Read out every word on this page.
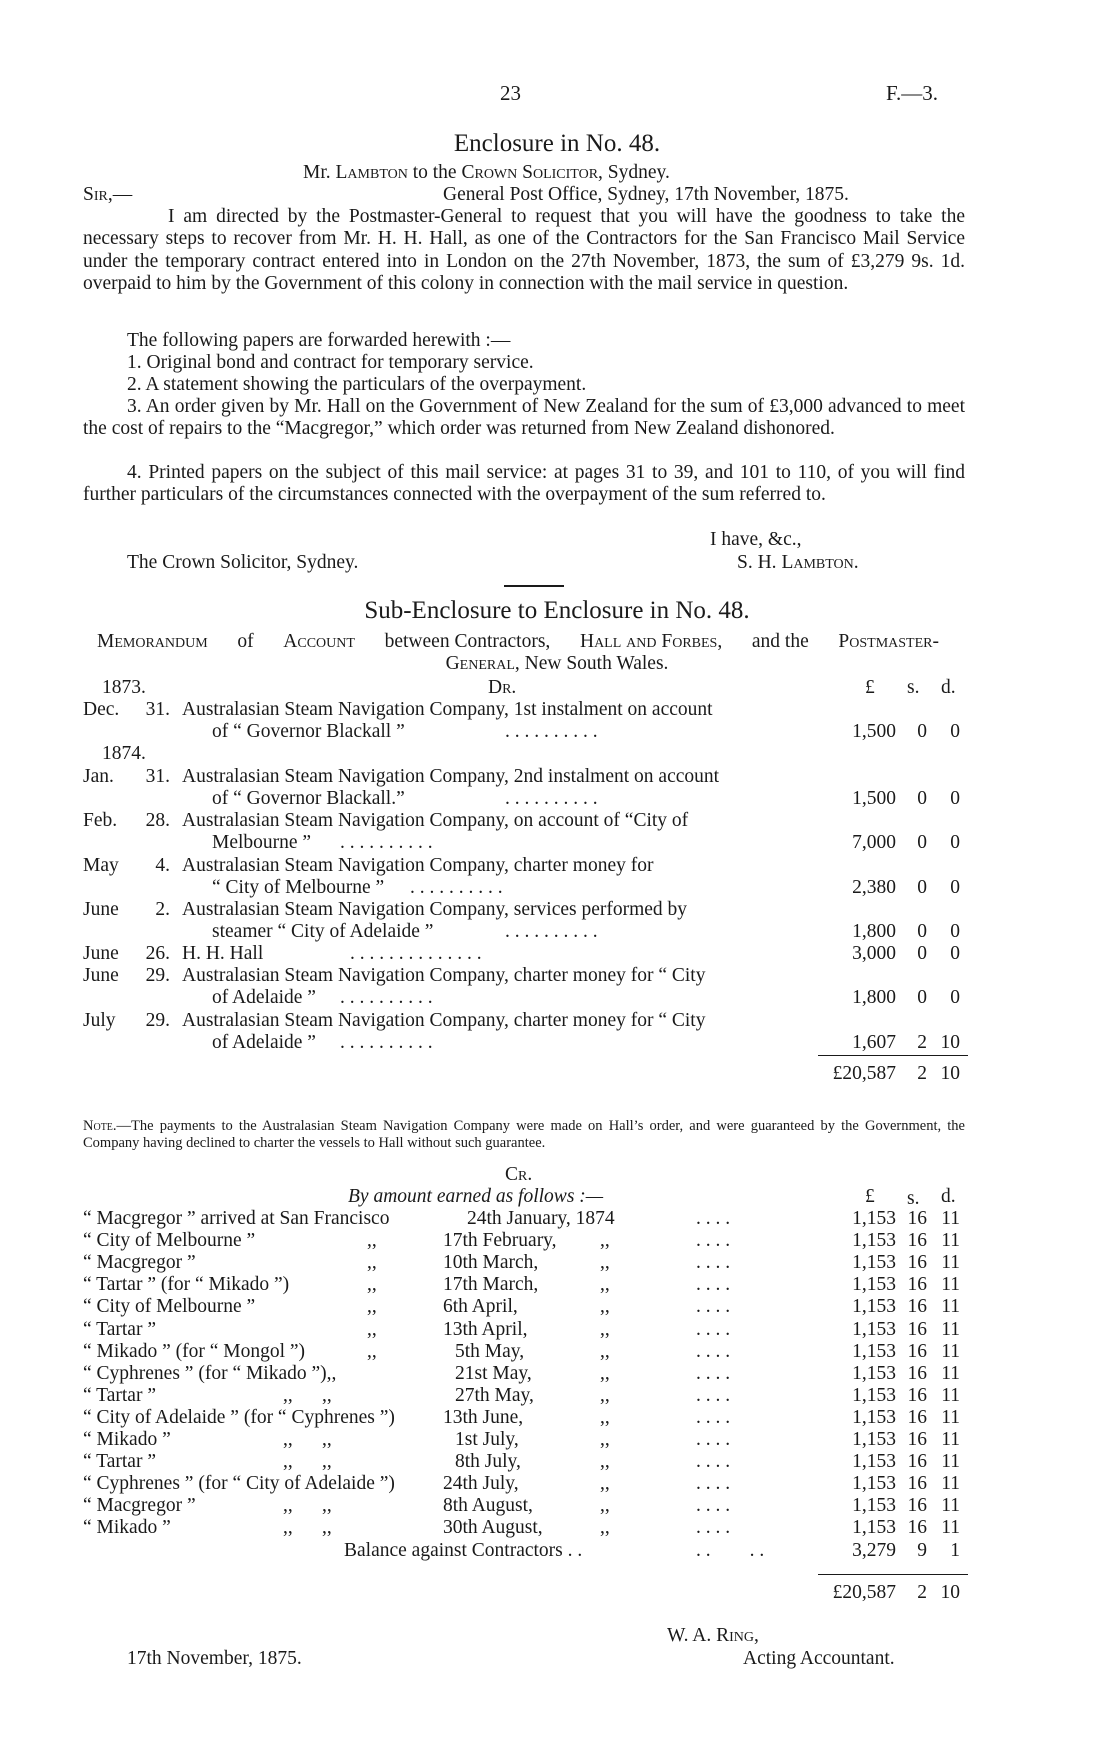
23	F.—3.
Enclosure in No. 48.
Mr. Lambton to the Crown Solicitor, Sydney.
Sir,—	General Post Office, Sydney, 17th November, 1875.
I am directed by the Postmaster-General to request that you will have the goodness to take the necessary steps to recover from Mr. H. H. Hall, as one of the Contractors for the San Francisco Mail Service under the temporary contract entered into in London on the 27th November, 1873, the sum of £3,279 9s. 1d. overpaid to him by the Government of this colony in connection with the mail service in question.
The following papers are forwarded herewith :—
1. Original bond and contract for temporary service.
2. A statement showing the particulars of the overpayment.
3. An order given by Mr. Hall on the Government of New Zealand for the sum of £3,000 advanced to meet the cost of repairs to the “Macgregor,” which order was returned from New Zealand dishonored.
4. Printed papers on the subject of this mail service: at pages 31 to 39, and 101 to 110, of you will find further particulars of the circumstances connected with the overpayment of the sum referred to.
I have, &c.,
The Crown Solicitor, Sydney.	S. H. Lambton.
Sub-Enclosure to Enclosure in No. 48.
Memorandum of Account between Contractors, Hall and Forbes, and the Postmaster-
General, New South Wales.
1873.	Dr.	£ s. d.
Dec.	31. Australasian Steam Navigation Company, 1st instalment on account
of “ Governor Blackall ”	. . . . . . . . . .	1,500	0	0
1874.
Jan.	31. Australasian Steam Navigation Company, 2nd instalment on account
of “ Governor Blackall.”	. . . . . . . . . .	1,500	0	0
Feb.	28. Australasian Steam Navigation Company, on account of “City of
Melbourne ” . . . . . . . . . .	7,000	0	0
May	4. Australasian Steam Navigation Company, charter money for
“ City of Melbourne ” . . . . . . . . . .	2,380	0	0
June	2. Australasian Steam Navigation Company, services performed by
steamer “ City of Adelaide ”	. . . . . . . . . .	1,800	0	0
June	26. H. H. Hall	. . . . . . . . . . . . . .	3,000	0	0
June	29. Australasian Steam Navigation Company, charter money for “ City
of Adelaide ” . . . . . . . . . .	1,800	0	0
July	29. Australasian Steam Navigation Company, charter money for “ City
of Adelaide ” . . . . . . . . . .	1,607	2 10
£20,587	2 10
Note.—The payments to the Australasian Steam Navigation Company were made on Hall’s order, and were guaranteed by the Government, the Company having declined to charter the vessels to Hall without such guarantee.
Cr.
By amount earned as follows :—	£ s. d.
“ Macgregor ” arrived at San Francisco	24th January, 1874	. . . .	1,153 16 11
“ City of Melbourne ”	,,	17th February, ,,	. . . .	1,153 16 11
“ Macgregor ”	,,	10th March,	,,	. . . .	1,153 16 11
“ Tartar ” (for “ Mikado ”)	,,	17th March,	,,	. . . .	1,153 16 11
“ City of Melbourne ”	,,	6th April,	,,	. . . .	1,153 16 11
“ Tartar ”	,,	13th April,	,,	. . . .	1,153 16 11
“ Mikado ” (for “ Mongol ”)	,,	5th May,	,,	. . . .	1,153 16 11
“ Cyphrenes ” (for “ Mikado ”),,	21st May,	,,	. . . .	1,153 16 11
“ Tartar ”	,,      ,,	27th May,	,,	. . . .	1,153 16 11
“ City of Adelaide ” (for “ Cyphrenes ”) 13th June,	,,	. . . .	1,153 16 11
“ Mikado ”	,,      ,,	1st July,	,,	. . . .	1,153 16 11
“ Tartar ”	,,      ,,	8th July,	,,	. . . .	1,153 16 11
“ Cyphrenes ” (for “ City of Adelaide ”) 24th July,	,,	. . . .	1,153 16 11
“ Macgregor ”	,,      ,,	8th August,	,,	. . . .	1,153 16 11
“ Mikado ”	,,      ,,	30th August,	,,	. . . .	1,153 16 11
Balance against Contractors . .	. .        . .	3,279	9	1
£20,587	2 10
W. A. Ring,
17th November, 1875.	Acting Accountant.
